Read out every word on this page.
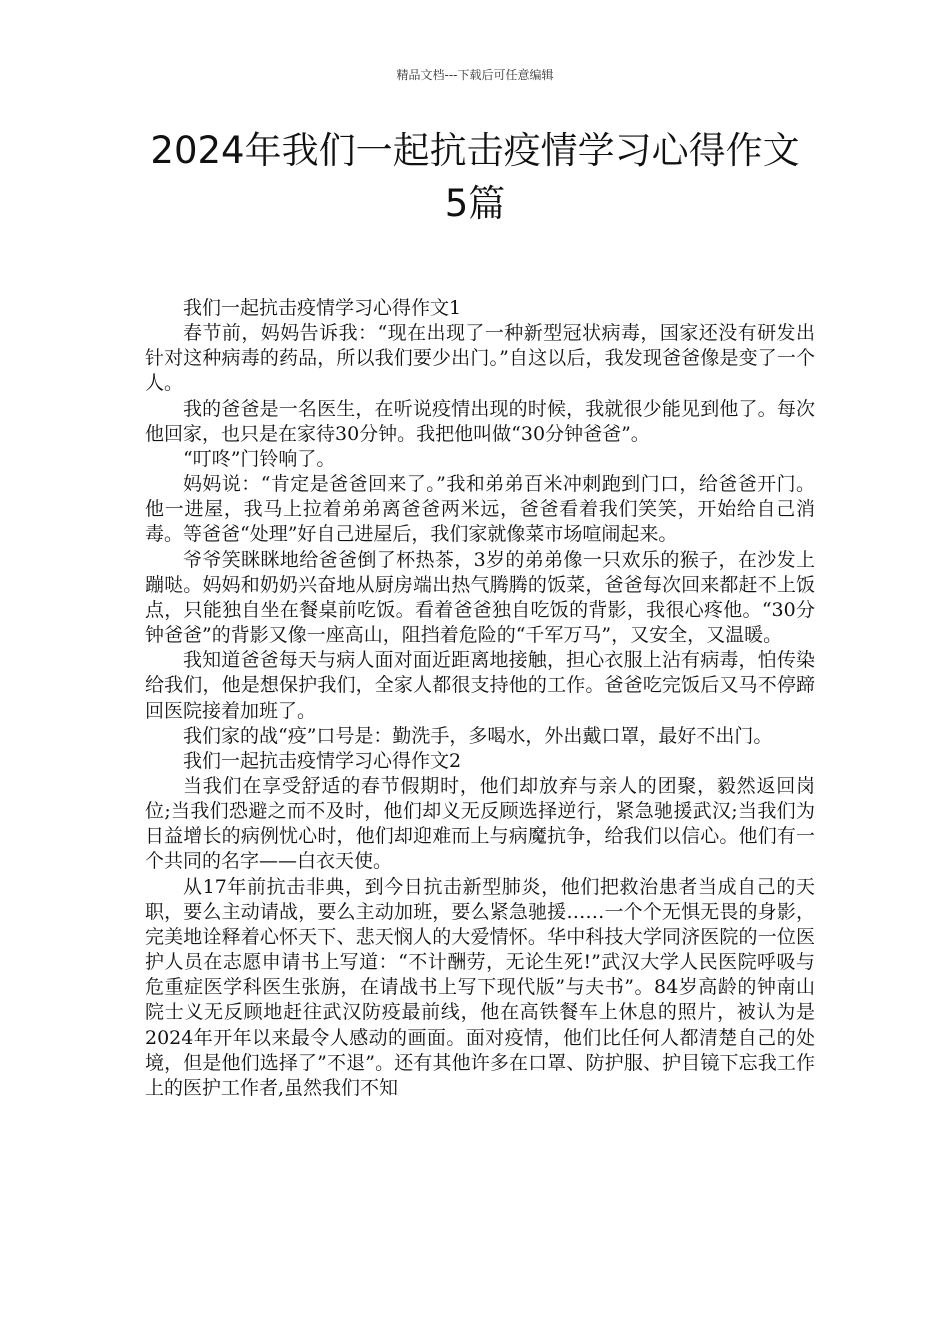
精品文档---下载后可任意编辑
2024年我们一起抗击疫情学习心得作文
5篇

我们一起抗击疫情学习心得作文1

春节前，妈妈告诉我：“现在出现了一种新型冠状病毒，国家还没有研发出针对这种病毒的药品，所以我们要少出门。”自这以后，我发现爸爸像是变了一个人。

我的爸爸是一名医生，在听说疫情出现的时候，我就很少能见到他了。每次他回家，也只是在家待30分钟。我把他叫做“30分钟爸爸”。

“叮咚”门铃响了。

妈妈说：“肯定是爸爸回来了。”我和弟弟百米冲刺跑到门口，给爸爸开门。他一进屋，我马上拉着弟弟离爸爸两米远，爸爸看着我们笑笑，开始给自己消毒。等爸爸“处理”好自己进屋后，我们家就像菜市场喧闹起来。

爷爷笑眯眯地给爸爸倒了杯热茶，3岁的弟弟像一只欢乐的猴子，在沙发上蹦哒。妈妈和奶奶兴奋地从厨房端出热气腾腾的饭菜，爸爸每次回来都赶不上饭点，只能独自坐在餐桌前吃饭。看着爸爸独自吃饭的背影，我很心疼他。“30分钟爸爸”的背影又像一座高山，阻挡着危险的“千军万马”，又安全，又温暖。

我知道爸爸每天与病人面对面近距离地接触，担心衣服上沾有病毒，怕传染给我们，他是想保护我们，全家人都很支持他的工作。爸爸吃完饭后又马不停蹄回医院接着加班了。

我们家的战“疫”口号是：勤洗手，多喝水，外出戴口罩，最好不出门。

我们一起抗击疫情学习心得作文2

当我们在享受舒适的春节假期时，他们却放弃与亲人的团聚，毅然返回岗位;当我们恐避之而不及时，他们却义无反顾选择逆行，紧急驰援武汉;当我们为日益增长的病例忧心时，他们却迎难而上与病魔抗争，给我们以信心。他们有一个共同的名字——白衣天使。

从17年前抗击非典，到今日抗击新型肺炎，他们把救治患者当成自己的天职，要么主动请战，要么主动加班，要么紧急驰援……一个个无惧无畏的身影，完美地诠释着心怀天下、悲天悯人的大爱情怀。华中科技大学同济医院的一位医护人员在志愿申请书上写道：“不计酬劳，无论生死!”武汉大学人民医院呼吸与危重症医学科医生张旃，在请战书上写下现代版”与夫书”。84岁高龄的钟南山院士义无反顾地赶往武汉防疫最前线，他在高铁餐车上休息的照片，被认为是2024年开年以来最令人感动的画面。面对疫情，他们比任何人都清楚自己的处境，但是他们选择了”不退”。还有其他许多在口罩、防护服、护目镜下忘我工作上的医护工作者,虽然我们不知
